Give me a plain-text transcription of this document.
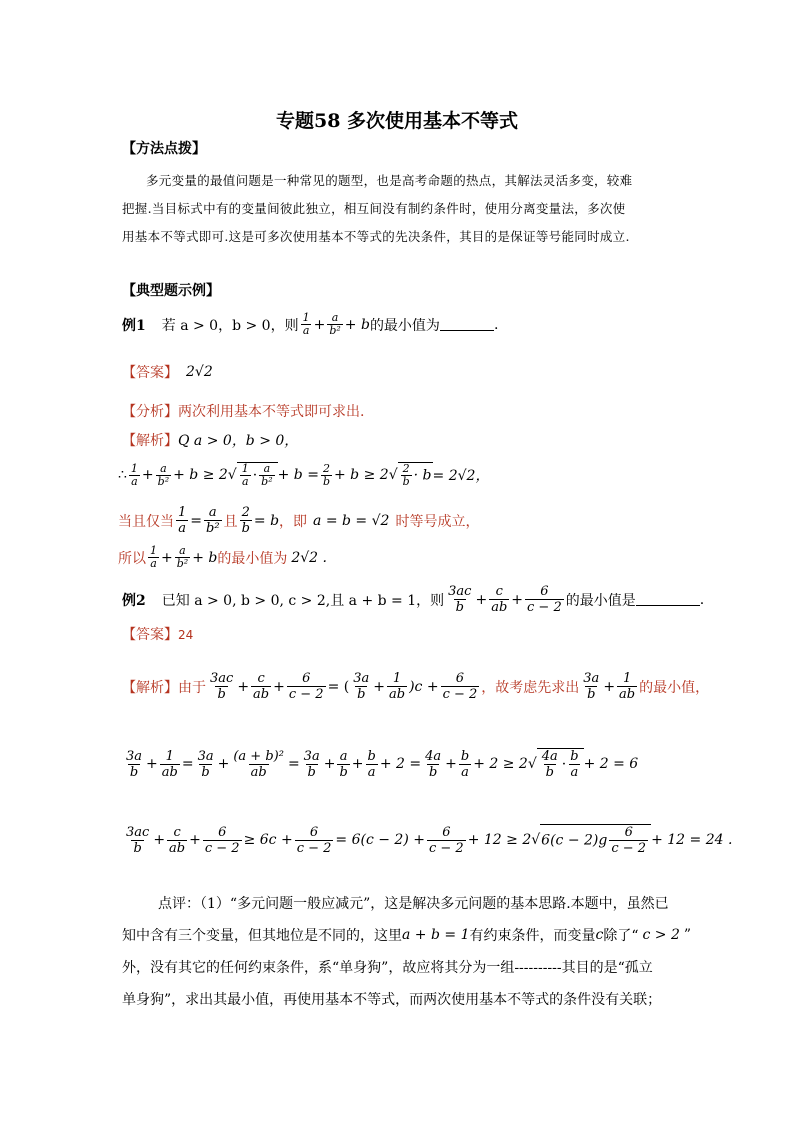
专题58 多次使用基本不等式
【方法点拨】
多元变量的最值问题是一种常见的题型，也是高考命题的热点，其解法灵活多变，较难
把握.当目标式中有的变量间彼此独立，相互间没有制约条件时，使用分离变量法，多次使
用基本不等式即可.这是可多次使用基本不等式的先决条件，其目的是保证等号能同时成立.
【典型题示例】
例1 若 a > 0，b > 0，则 $\frac{1}{a} + \frac{a}{\text{b²}} + b$ 的最小值为	.
【答案】 2√2
【分析】两次利用基本不等式即可求出.
【解析】Q a > 0，b > 0，
∴ $\frac{1}{a} + \frac{a}{\text{b²}} + b \ge 2$ √ $\frac{1}{a} \cdot \frac{a}{\text{b²}} + b = \frac{2}{b} + b \ge 2$ √ $\frac{2}{b} \cdot b = 2√2$，
当且仅当 $\frac{1}{a} = \frac{a}{\text{b²}}$ 且 $\frac{2}{b} = b$ ，即 a = b = √2 时等号成立，
所以 $\frac{1}{a} + \frac{a}{\text{b²}} + b$ 的最小值为 2√2 .
例2 已知 a > 0, b > 0, c > 2,且 a + b = 1，则 $\frac{3ac}{b} + \frac{c}{ab} + \frac{6}{c - 2}$ 的最小值是	.
【答案】24
【解析】 由于 $\frac{3ac}{b} + \frac{c}{ab} + \frac{6}{c - 2}$ = ( $\frac{3a}{b} + \frac{1}{ab} )c + \frac{6}{c - 2}$ ，故考虑先求出 $\frac{3a}{b} + \frac{1}{ab}$ 的最小值，
$\frac{3a}{b} + \frac{1}{ab} = \frac{3a}{b} + \frac{\text{(a + b)²}}{ab} = \frac{3a}{b} + \frac{a}{b} + \frac{b}{a} + 2 = \frac{4a}{b} + \frac{b}{a} + 2 \ge 2$ √ $\frac{4a}{b} \cdot \frac{b}{a} + 2 = 6$
$\frac{3ac}{b} + \frac{c}{ab} + \frac{6}{c - 2} \ge 6c + \frac{6}{c - 2} = 6(c - 2) + \frac{6}{c - 2} + 12 \ge 2$ √ $6(c - 2)g \frac{6}{c - 2} + 12 = 24$ .
点评：（1）“多元问题一般应减元”，这是解决多元问题的基本思路.本题中，虽然已
知中含有三个变量，但其地位是不同的，这里 a + b = 1 有约束条件，而变量 c 除了“ c > 2 ”
外，没有其它的任何约束条件，系“单身狗”，故应将其分为一组----------其目的是“孤立
单身狗”，求出其最小值，再使用基本不等式，而两次使用基本不等式的条件没有关联；
